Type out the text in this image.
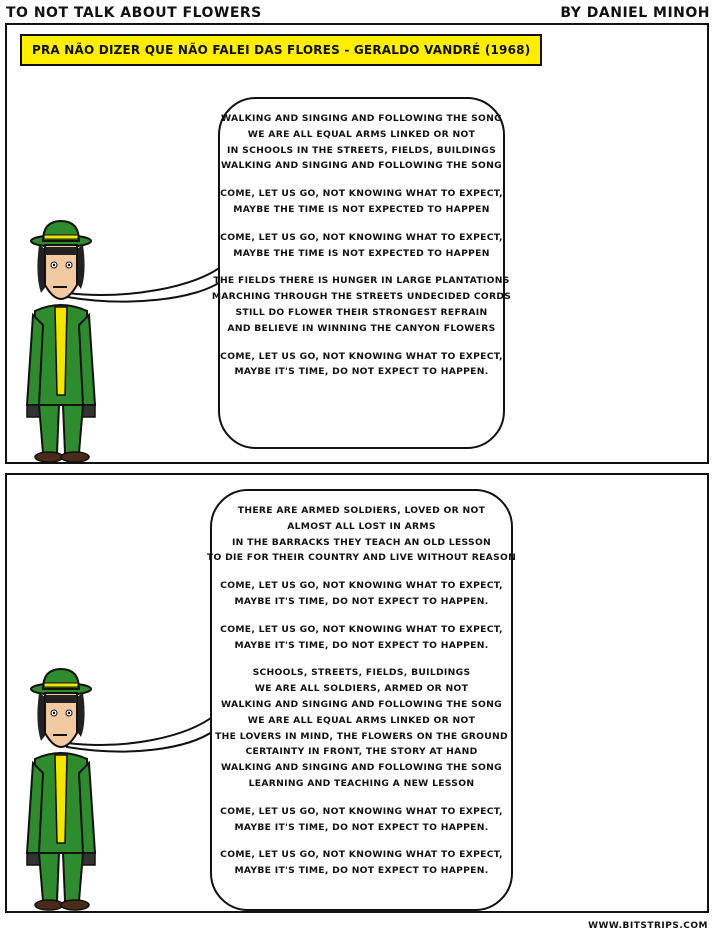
TO NOT TALK ABOUT FLOWERS	BY DANIEL MINOH
PRA NÃO DIZER QUE NÃO FALEI DAS FLORES - GERALDO VANDRÉ (1968)
WALKING AND SINGING AND FOLLOWING THE SONG
WE ARE ALL EQUAL ARMS LINKED OR NOT
IN SCHOOLS IN THE STREETS, FIELDS, BUILDINGS
WALKING AND SINGING AND FOLLOWING THE SONG
COME, LET US GO, NOT KNOWING WHAT TO EXPECT,
MAYBE THE TIME IS NOT EXPECTED TO HAPPEN
COME, LET US GO, NOT KNOWING WHAT TO EXPECT,
MAYBE THE TIME IS NOT EXPECTED TO HAPPEN
THE FIELDS THERE IS HUNGER IN LARGE PLANTATIONS
MARCHING THROUGH THE STREETS UNDECIDED CORDS
STILL DO FLOWER THEIR STRONGEST REFRAIN
AND BELIEVE IN WINNING THE CANYON FLOWERS
COME, LET US GO, NOT KNOWING WHAT TO EXPECT,
MAYBE IT'S TIME, DO NOT EXPECT TO HAPPEN.
THERE ARE ARMED SOLDIERS, LOVED OR NOT
ALMOST ALL LOST IN ARMS
IN THE BARRACKS THEY TEACH AN OLD LESSON
TO DIE FOR THEIR COUNTRY AND LIVE WITHOUT REASON
COME, LET US GO, NOT KNOWING WHAT TO EXPECT,
MAYBE IT'S TIME, DO NOT EXPECT TO HAPPEN.
COME, LET US GO, NOT KNOWING WHAT TO EXPECT,
MAYBE IT'S TIME, DO NOT EXPECT TO HAPPEN.
SCHOOLS, STREETS, FIELDS, BUILDINGS
WE ARE ALL SOLDIERS, ARMED OR NOT
WALKING AND SINGING AND FOLLOWING THE SONG
WE ARE ALL EQUAL ARMS LINKED OR NOT
THE LOVERS IN MIND, THE FLOWERS ON THE GROUND
CERTAINTY IN FRONT, THE STORY AT HAND
WALKING AND SINGING AND FOLLOWING THE SONG
LEARNING AND TEACHING A NEW LESSON
COME, LET US GO, NOT KNOWING WHAT TO EXPECT,
MAYBE IT'S TIME, DO NOT EXPECT TO HAPPEN.
COME, LET US GO, NOT KNOWING WHAT TO EXPECT,
MAYBE IT'S TIME, DO NOT EXPECT TO HAPPEN.
WWW.BITSTRIPS.COM
